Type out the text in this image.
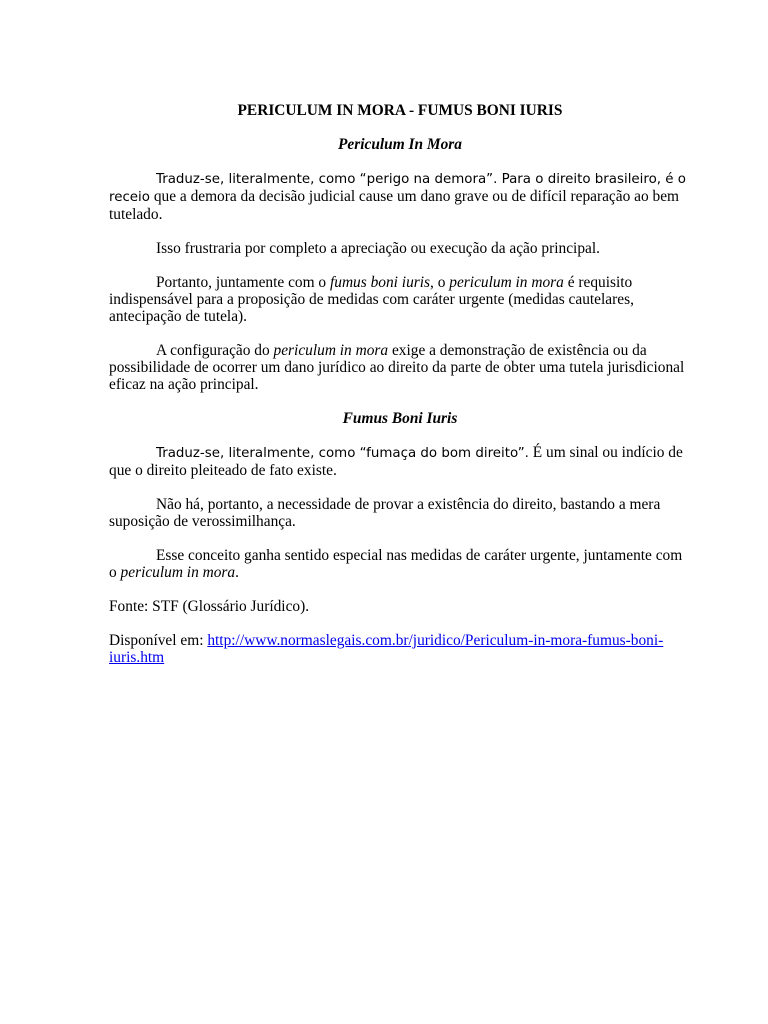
PERICULUM IN MORA - FUMUS BONI IURIS
Periculum In Mora

Traduz-se, literalmente, como “perigo na demora”. Para o direito brasileiro, é o receio que a demora da decisão judicial cause um dano grave ou de difícil reparação ao bem tutelado.

Isso frustraria por completo a apreciação ou execução da ação principal.

Portanto, juntamente com o fumus boni iuris, o periculum in mora é requisito indispensável para a proposição de medidas com caráter urgente (medidas cautelares, antecipação de tutela).

A configuração do periculum in mora exige a demonstração de existência ou da possibilidade de ocorrer um dano jurídico ao direito da parte de obter uma tutela jurisdicional eficaz na ação principal.

Fumus Boni Iuris

Traduz-se, literalmente, como “fumaça do bom direito”. É um sinal ou indício de que o direito pleiteado de fato existe.

Não há, portanto, a necessidade de provar a existência do direito, bastando a mera suposição de verossimilhança.

Esse conceito ganha sentido especial nas medidas de caráter urgente, juntamente com o periculum in mora.

Fonte: STF (Glossário Jurídico).

Disponível em: http://www.normaslegais.com.br/juridico/Periculum-in-mora-fumus-boni-iuris.htm
